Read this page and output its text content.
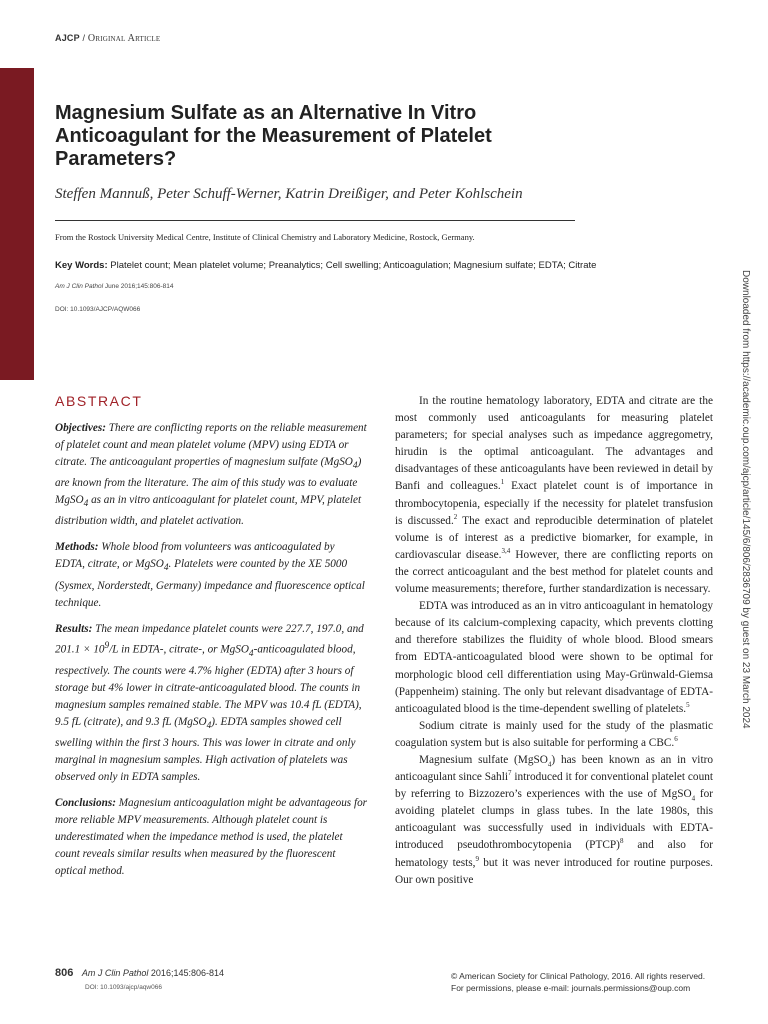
AJCP / Original Article
Magnesium Sulfate as an Alternative In Vitro Anticoagulant for the Measurement of Platelet Parameters?
Steffen Mannuß, Peter Schuff-Werner, Katrin Dreißiger, and Peter Kohlschein
From the Rostock University Medical Centre, Institute of Clinical Chemistry and Laboratory Medicine, Rostock, Germany.
Key Words: Platelet count; Mean platelet volume; Preanalytics; Cell swelling; Anticoagulation; Magnesium sulfate; EDTA; Citrate
Am J Clin Pathol June 2016;145:806-814
DOI: 10.1093/AJCP/AQW066
ABSTRACT

Objectives: There are conflicting reports on the reliable measurement of platelet count and mean platelet volume (MPV) using EDTA or citrate. The anticoagulant properties of magnesium sulfate (MgSO$_4$) are known from the literature. The aim of this study was to evaluate MgSO$_4$ as an in vitro anticoagulant for platelet count, MPV, platelet distribution width, and platelet activation.

Methods: Whole blood from volunteers was anticoagulated by EDTA, citrate, or MgSO$_4$. Platelets were counted by the XE 5000 (Sysmex, Norderstedt, Germany) impedance and fluorescence optical technique.

Results: The mean impedance platelet counts were 227.7, 197.0, and $201.1 \times 10^9/L$ in EDTA-, citrate-, or MgSO$_4$-anticoagulated blood, respectively. The counts were 4.7% higher (EDTA) after 3 hours of storage but 4% lower in citrate-anticoagulated blood. The counts in magnesium samples remained stable. The MPV was 10.4 fL (EDTA), 9.5 fL (citrate), and 9.3 fL (MgSO$_4$). EDTA samples showed cell swelling within the first 3 hours. This was lower in citrate and only marginal in magnesium samples. High activation of platelets was observed only in EDTA samples.

Conclusions: Magnesium anticoagulation might be advantageous for more reliable MPV measurements. Although platelet count is underestimated when the impedance method is used, the platelet count reveals similar results when measured by the fluorescent optical method.

In the routine hematology laboratory, EDTA and citrate are the most commonly used anticoagulants for measuring platelet parameters; for special analyses such as impedance aggregometry, hirudin is the optimal anticoagulant. The advantages and disadvantages of these anticoagulants have been reviewed in detail by Banfi and colleagues.$^1$ Exact platelet count is of importance in thrombocytopenia, especially if the necessity for platelet transfusion is discussed.$^2$ The exact and reproducible determination of platelet volume is of interest as a predictive biomarker, for example, in cardiovascular disease.$^{3,4}$ However, there are conflicting reports on the correct anticoagulant and the best method for platelet counts and volume measurements; therefore, further standardization is necessary.

EDTA was introduced as an in vitro anticoagulant in hematology because of its calcium-complexing capacity, which prevents clotting and therefore stabilizes the fluidity of whole blood. Blood smears from EDTA-anticoagulated blood were shown to be optimal for morphologic blood cell differentiation using May-Grünwald-Giemsa (Pappenheim) staining. The only but relevant disadvantage of EDTA-anticoagulated blood is the time-dependent swelling of platelets.$^5$

Sodium citrate is mainly used for the study of the plasmatic coagulation system but is also suitable for performing a CBC.$^6$

Magnesium sulfate (MgSO$_4$) has been known as an in vitro anticoagulant since Sahli$^7$ introduced it for conventional platelet count by referring to Bizzozero’s experiences with the use of MgSO$_4$ for avoiding platelet clumps in glass tubes. In the late 1980s, this anticoagulant was successfully used in individuals with EDTA-introduced pseudothrombocytopenia (PTCP)$^8$ and also for hematology tests,$^9$ but it was never introduced for routine purposes. Our own positive

Downloaded from https://academic.oup.com/ajcp/article/145/6/806/2836709 by guest on 23 March 2024
806 Am J Clin Pathol 2016;145:806-814
DOI: 10.1093/ajcp/aqw066
© American Society for Clinical Pathology, 2016. All rights reserved.
For permissions, please e-mail: journals.permissions@oup.com
